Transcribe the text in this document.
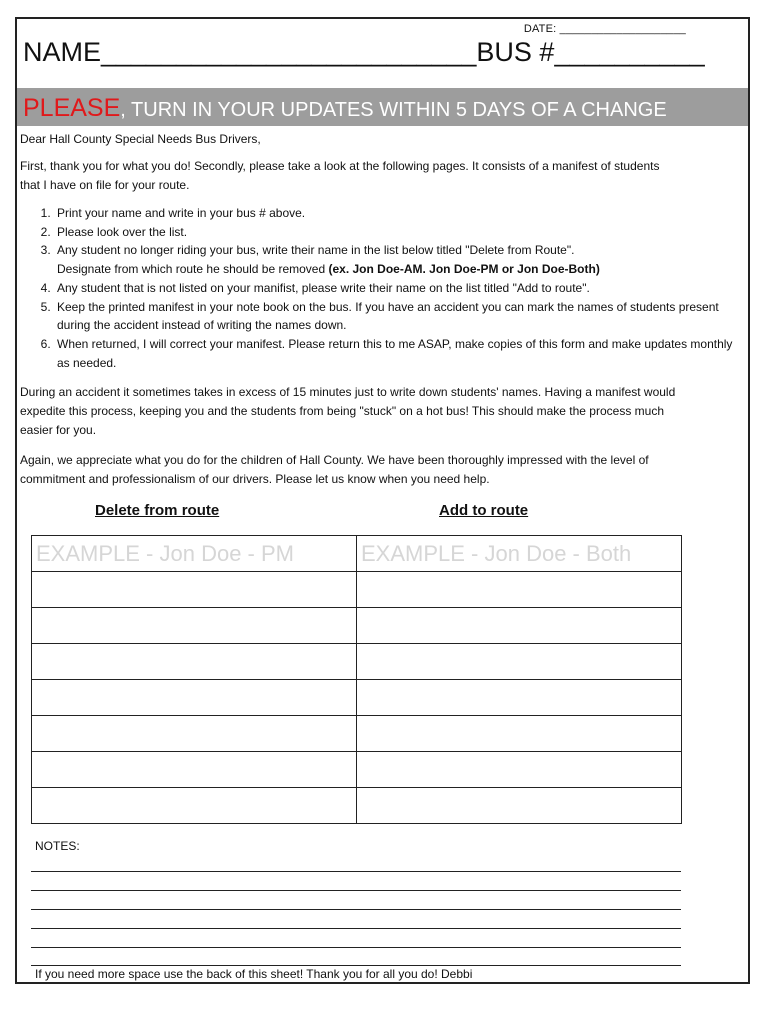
DATE: ____________________
NAME_________________________BUS #__________
PLEASE, TURN IN YOUR UPDATES WITHIN 5 DAYS OF A CHANGE
Dear Hall County Special Needs Bus Drivers,
First, thank you for what you do! Secondly, please take a look at the following pages. It consists of a manifest of students that I have on file for your route.
1. Print your name and write in your bus # above.
2. Please look over the list.
3. Any student no longer riding your bus, write their name in the list below titled "Delete from Route".
Designate from which route he should be removed (ex. Jon Doe-AM. Jon Doe-PM or Jon Doe-Both)
4. Any student that is not listed on your manifist, please write their name on the list titled "Add to route".
5. Keep the printed manifest in your note book on the bus. If you have an accident you can mark the names of students present during the accident instead of writing the names down.
6. When returned, I will correct your manifest. Please return this to me ASAP, make copies of this form and make updates monthly as needed.
During an accident it sometimes takes in excess of 15 minutes just to write down students' names. Having a manifest would expedite this process, keeping you and the students from being "stuck" on a hot bus! This should make the process much easier for you.
Again, we appreciate what you do for the children of Hall County. We have been thoroughly impressed with the level of commitment and professionalism of our drivers. Please let us know when you need help.
Delete from route	Add to route
EXAMPLE - Jon Doe - PM	EXAMPLE - Jon Doe - Both

NOTES:
If you need more space use the back of this sheet! Thank you for all you do! Debbi
